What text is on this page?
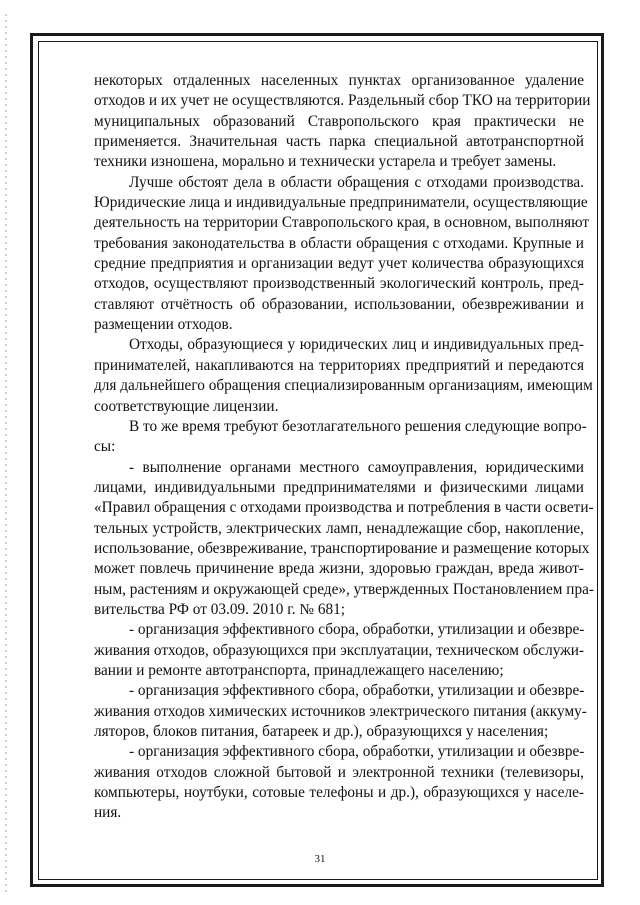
некоторых отдаленных населенных пунктах организованное удаление
отходов и их учет не осуществляются. Раздельный сбор ТКО на территории
муниципальных образований Ставропольского края практически не
применяется. Значительная часть парка специальной автотранспортной
техники изношена, морально и технически устарела и требует замены.
Лучше обстоят дела в области обращения с отходами производства.
Юридические лица и индивидуальные предприниматели, осуществляющие
деятельность на территории Ставропольского края, в основном, выполняют
требования законодательства в области обращения с отходами. Крупные и
средние предприятия и организации ведут учет количества образующихся
отходов, осуществляют производственный экологический контроль, пред-
ставляют отчётность об образовании, использовании, обезвреживании и
размещении отходов.
Отходы, образующиеся у юридических лиц и индивидуальных пред-
принимателей, накапливаются на территориях предприятий и передаются
для дальнейшего обращения специализированным организациям, имеющим
соответствующие лицензии.
В то же время требуют безотлагательного решения следующие вопро-
сы:
- выполнение органами местного самоуправления, юридическими
лицами, индивидуальными предпринимателями и физическими лицами
«Правил обращения с отходами производства и потребления в части освети-
тельных устройств, электрических ламп, ненадлежащие сбор, накопление,
использование, обезвреживание, транспортирование и размещение которых
может повлечь причинение вреда жизни, здоровью граждан, вреда живот-
ным, растениям и окружающей среде», утвержденных Постановлением пра-
вительства РФ от 03.09. 2010 г. № 681;
- организация эффективного сбора, обработки, утилизации и обезвре-
живания отходов, образующихся при эксплуатации, техническом обслужи-
вании и ремонте автотранспорта, принадлежащего населению;
- организация эффективного сбора, обработки, утилизации и обезвре-
живания отходов химических источников электрического питания (аккуму-
ляторов, блоков питания, батареек и др.), образующихся у населения;
- организация эффективного сбора, обработки, утилизации и обезвре-
живания отходов сложной бытовой и электронной техники (телевизоры,
компьютеры, ноутбуки, сотовые телефоны и др.), образующихся у населе-
ния.
31
